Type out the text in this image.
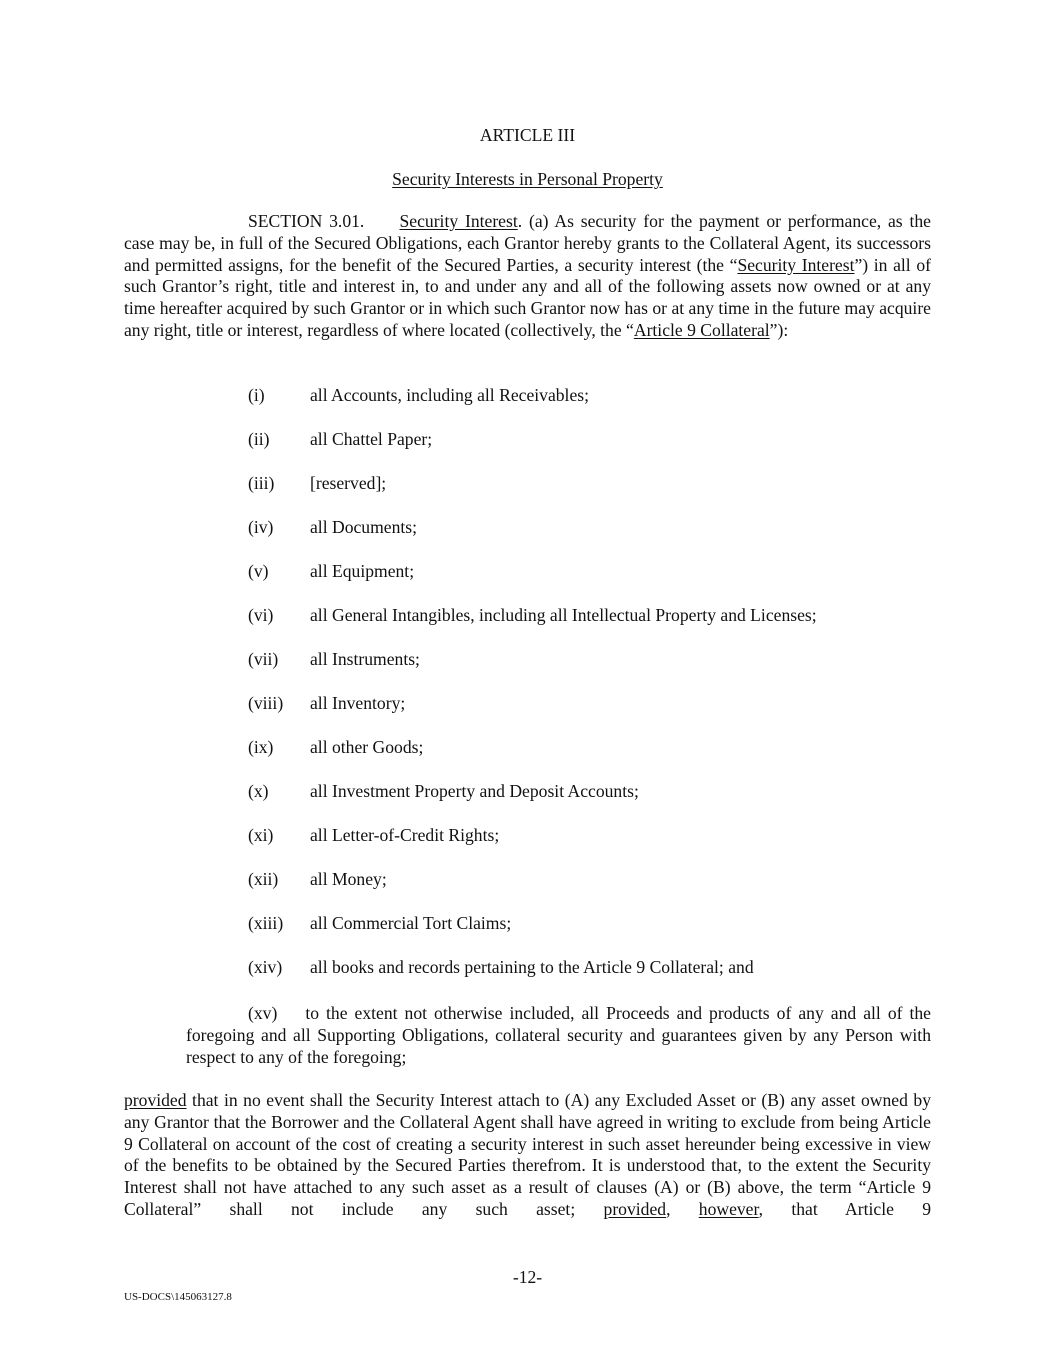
ARTICLE III
Security Interests in Personal Property
SECTION 3.01.   Security Interest. (a) As security for the payment or performance, as the case may be, in full of the Secured Obligations, each Grantor hereby grants to the Collateral Agent, its successors and permitted assigns, for the benefit of the Secured Parties, a security interest (the “Security Interest”) in all of such Grantor’s right, title and interest in, to and under any and all of the following assets now owned or at any time hereafter acquired by such Grantor or in which such Grantor now has or at any time in the future may acquire any right, title or interest, regardless of where located (collectively, the “Article 9 Collateral”):
(i)	all Accounts, including all Receivables;
(ii) all Chattel Paper;
(iii) [reserved];
(iv) all Documents;
(v) all Equipment;
(vi) all General Intangibles, including all Intellectual Property and Licenses;
(vii) all Instruments;
(viii) all Inventory;
(ix) all other Goods;
(x) all Investment Property and Deposit Accounts;
(xi) all Letter-of-Credit Rights;
(xii) all Money;
(xiii) all Commercial Tort Claims;
(xiv) all books and records pertaining to the Article 9 Collateral; and
(xv) to the extent not otherwise included, all Proceeds and products of any and all of the foregoing and all Supporting Obligations, collateral security and guarantees given by any Person with respect to any of the foregoing;
provided that in no event shall the Security Interest attach to (A) any Excluded Asset or (B) any asset owned by any Grantor that the Borrower and the Collateral Agent shall have agreed in writing to exclude from being Article 9 Collateral on account of the cost of creating a security interest in such asset hereunder being excessive in view of the benefits to be obtained by the Secured Parties therefrom. It is understood that, to the extent the Security Interest shall not have attached to any such asset as a result of clauses (A) or (B) above, the term “Article 9 Collateral” shall not include any such asset; provided, however, that Article 9
-12-
US-DOCS\145063127.8
